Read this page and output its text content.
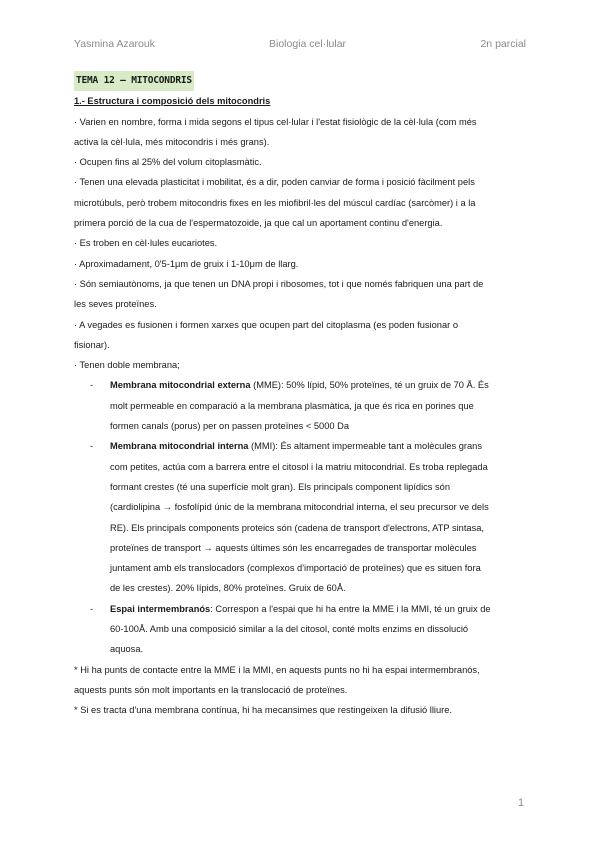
Yasmina Azarouk	Biologia cel·lular	2n parcial
TEMA 12 – MITOCONDRIS
1.- Estructura i composició dels mitocondris
· Varien en nombre, forma i mida segons el tipus cel·lular i l'estat fisiològic de la cèl·lula (com més
activa la cèl·lula, més mitocondris i més grans).
· Ocupen fins al 25% del volum citoplasmàtic.
· Tenen una elevada plasticitat i mobilitat, és a dir, poden canviar de forma i posició fàcilment pels
microtúbuls, però trobem mitocondris fixes en les miofibril·les del múscul cardíac (sarcòmer) i a la
primera porció de la cua de l'espermatozoide, ja que cal un aportament continu d'energia.
· Es troben en cèl·lules eucariotes.
· Aproximadament, 0'5-1μm de gruix i 1-10μm de llarg.
· Són semiautònoms, ja que tenen un DNA propi i ribosomes, tot i que només fabriquen una part de
les seves proteïnes.
· A vegades es fusionen i formen xarxes que ocupen part del citoplasma (es poden fusionar o
fisionar).
· Tenen doble membrana;
- Membrana mitocondrial externa (MME): 50% lípid, 50% proteïnes, té un gruix de 70 Å. És
molt permeable en comparació a la membrana plasmàtica, ja que és rica en porines que
formen canals (porus) per on passen proteïnes < 5000 Da
- Membrana mitocondrial interna (MMI): És altament impermeable tant a molècules grans
com petites, actúa com a barrera entre el citosol i la matriu mitocondrial. Es troba replegada
formant crestes (té una superfície molt gran). Els principals component lipídics són
(cardiolipina → fosfolípid únic de la membrana mitocondrial interna, el seu precursor ve dels
RE). Els principals components proteics són (cadena de transport d'electrons, ATP sintasa,
proteïnes de transport → aquests últimes són les encarregades de transportar molècules
juntament amb els translocadors (complexos d'importació de proteïnes) que es situen fora
de les crestes). 20% lípids, 80% proteïnes. Gruix de 60Å.
- Espai intermembranós: Correspon a l'espai que hi ha entre la MME i la MMI, té un gruix de
60-100Å. Amb una composició similar a la del citosol, conté molts enzims en dissolució
aquosa.
* Hi ha punts de contacte entre la MME i la MMI, en aquests punts no hi ha espai intermembranós,
aquests punts són molt importants en la translocació de proteïnes.
* Si es tracta d'una membrana contínua, hi ha mecansimes que restingeixen la difusió lliure.
1
